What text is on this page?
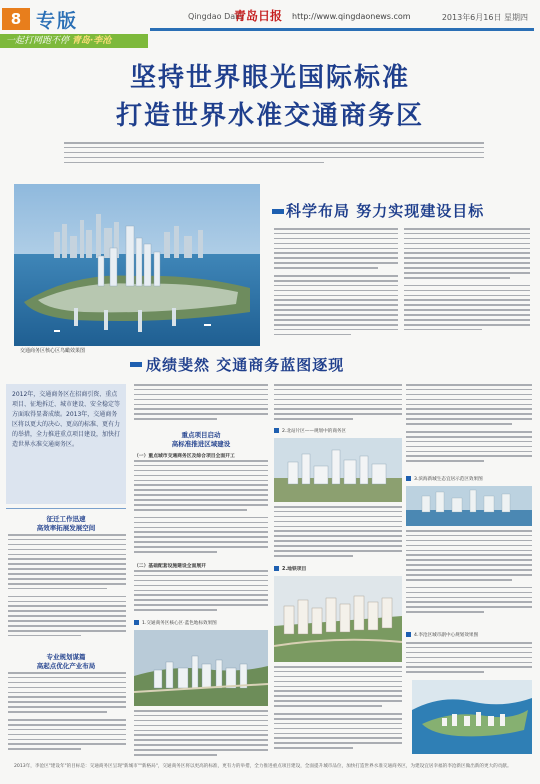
8 专版
一起打网跑不停 青岛·李沧
Qingdao Daily
青岛日报 http://www.qingdaonews.com	2013年6月16日 星期四
坚持世界眼光国际标准
打造世界水准交通商务区
交通商务区核心区鸟瞰效果图
科学布局 努力实现建设目标
成绩斐然 交通商务蓝图逐现

2012年，交通商务区在招商引资、重点项目、征地拆迁、城市建设、安全稳定等方面取得显著成绩。2013年，交通商务区将以更大的决心、更高的标准、更有力的举措，全力推进重点项目建设，加快打造世界水准交通商务区。

征迁工作迅速
高效率拓展发展空间
专业规划谋篇
高起点优化产业布局
重点项目启动
高标准推进区域建设
（一）重点城市交通商务区及综合项目全面开工
（二）基础配套设施建设全面展开
1.交通商务区核心区·蓝色地标效果图
2.北站片区——规划中的商务区
2.地铁项目
3.滨海新城生态宜居示范区效果图
4.李沧区城市副中心规划效果图
2013年，李沧区"建设年"的目标是：交通商务区呈现"新城市""新格局"，交通商务区将以更高的标准，更有力的举措，全力推进重点项目建设，全面提升城市品位，加快打造世界水准交通商务区，为建设宜居幸福的李沧新区做出新的更大的贡献。
